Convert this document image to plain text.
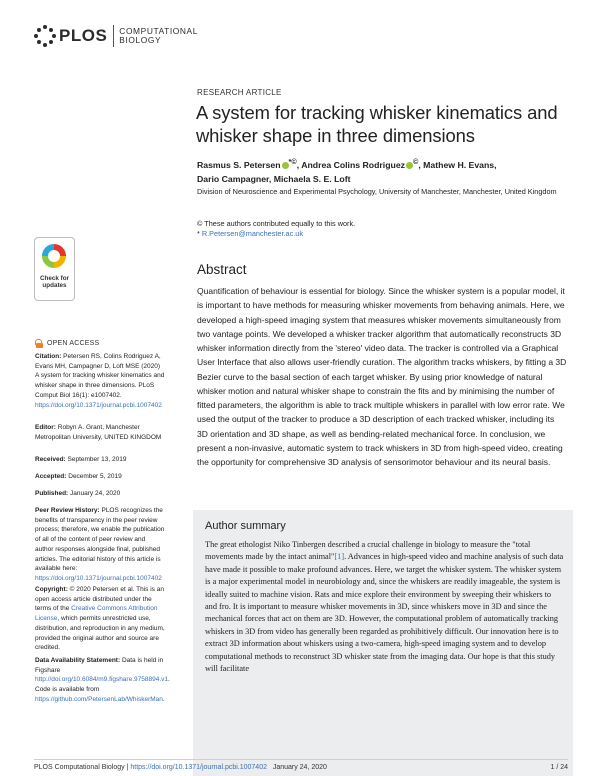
PLOS COMPUTATIONAL
BIOLOGY
RESEARCH ARTICLE
A system for tracking whisker kinematics and whisker shape in three dimensions
Rasmus S. Petersen *©, Andrea Colins Rodriguez ©, Mathew H. Evans,
Dario Campagner, Michaela S. E. Loft
Division of Neuroscience and Experimental Psychology, University of Manchester, Manchester, United Kingdom
© These authors contributed equally to this work.
* R.Petersen@manchester.ac.uk
Check for
updates
OPEN ACCESS
Citation: Petersen RS, Colins Rodriguez A, Evans MH, Campagner D, Loft MSE (2020) A system for tracking whisker kinematics and whisker shape in three dimensions. PLoS Comput Biol 16(1): e1007402. https://doi.org/10.1371/journal.pcbi.1007402
Editor: Robyn A. Grant, Manchester Metropolitan University, UNITED KINGDOM
Received: September 13, 2019
Accepted: December 5, 2019
Published: January 24, 2020
Peer Review History: PLOS recognizes the benefits of transparency in the peer review process; therefore, we enable the publication of all of the content of peer review and author responses alongside final, published articles. The editorial history of this article is available here: https://doi.org/10.1371/journal.pcbi.1007402
Copyright: © 2020 Petersen et al. This is an open access article distributed under the terms of the Creative Commons Attribution License, which permits unrestricted use, distribution, and reproduction in any medium, provided the original author and source are credited.
Data Availability Statement: Data is held in Figshare http://doi.org/10.6084/m9.figshare.9758894.v1. Code is available from https://github.com/PetersenLab/WhiskerMan.
Abstract
Quantification of behaviour is essential for biology. Since the whisker system is a popular model, it is important to have methods for measuring whisker movements from behaving animals. Here, we developed a high-speed imaging system that measures whisker movements simultaneously from two vantage points. We developed a whisker tracker algorithm that automatically reconstructs 3D whisker information directly from the 'stereo' video data. The tracker is controlled via a Graphical User Interface that also allows user-friendly curation. The algorithm tracks whiskers, by fitting a 3D Bezier curve to the basal section of each target whisker. By using prior knowledge of natural whisker motion and natural whisker shape to constrain the fits and by minimising the number of fitted parameters, the algorithm is able to track multiple whiskers in parallel with low error rate. We used the output of the tracker to produce a 3D description of each tracked whisker, including its 3D orientation and 3D shape, as well as bending-related mechanical force. In conclusion, we present a non-invasive, automatic system to track whiskers in 3D from high-speed video, creating the opportunity for comprehensive 3D analysis of sensorimotor behaviour and its neural basis.
Author summary
The great ethologist Niko Tinbergen described a crucial challenge in biology to measure the "total movements made by the intact animal"[1]. Advances in high-speed video and machine analysis of such data have made it possible to make profound advances. Here, we target the whisker system. The whisker system is a major experimental model in neurobiology and, since the whiskers are readily imageable, the system is ideally suited to machine vision. Rats and mice explore their environment by sweeping their whiskers to and fro. It is important to measure whisker movements in 3D, since whiskers move in 3D and since the mechanical forces that act on them are 3D. However, the computational problem of automatically tracking whiskers in 3D from video has generally been regarded as prohibitively difficult. Our innovation here is to extract 3D information about whiskers using a two-camera, high-speed imaging system and to develop computational methods to reconstruct 3D whisker state from the imaging data. Our hope is that this study will facilitate
PLOS Computational Biology | https://doi.org/10.1371/journal.pcbi.1007402   January 24, 2020	1 / 24
